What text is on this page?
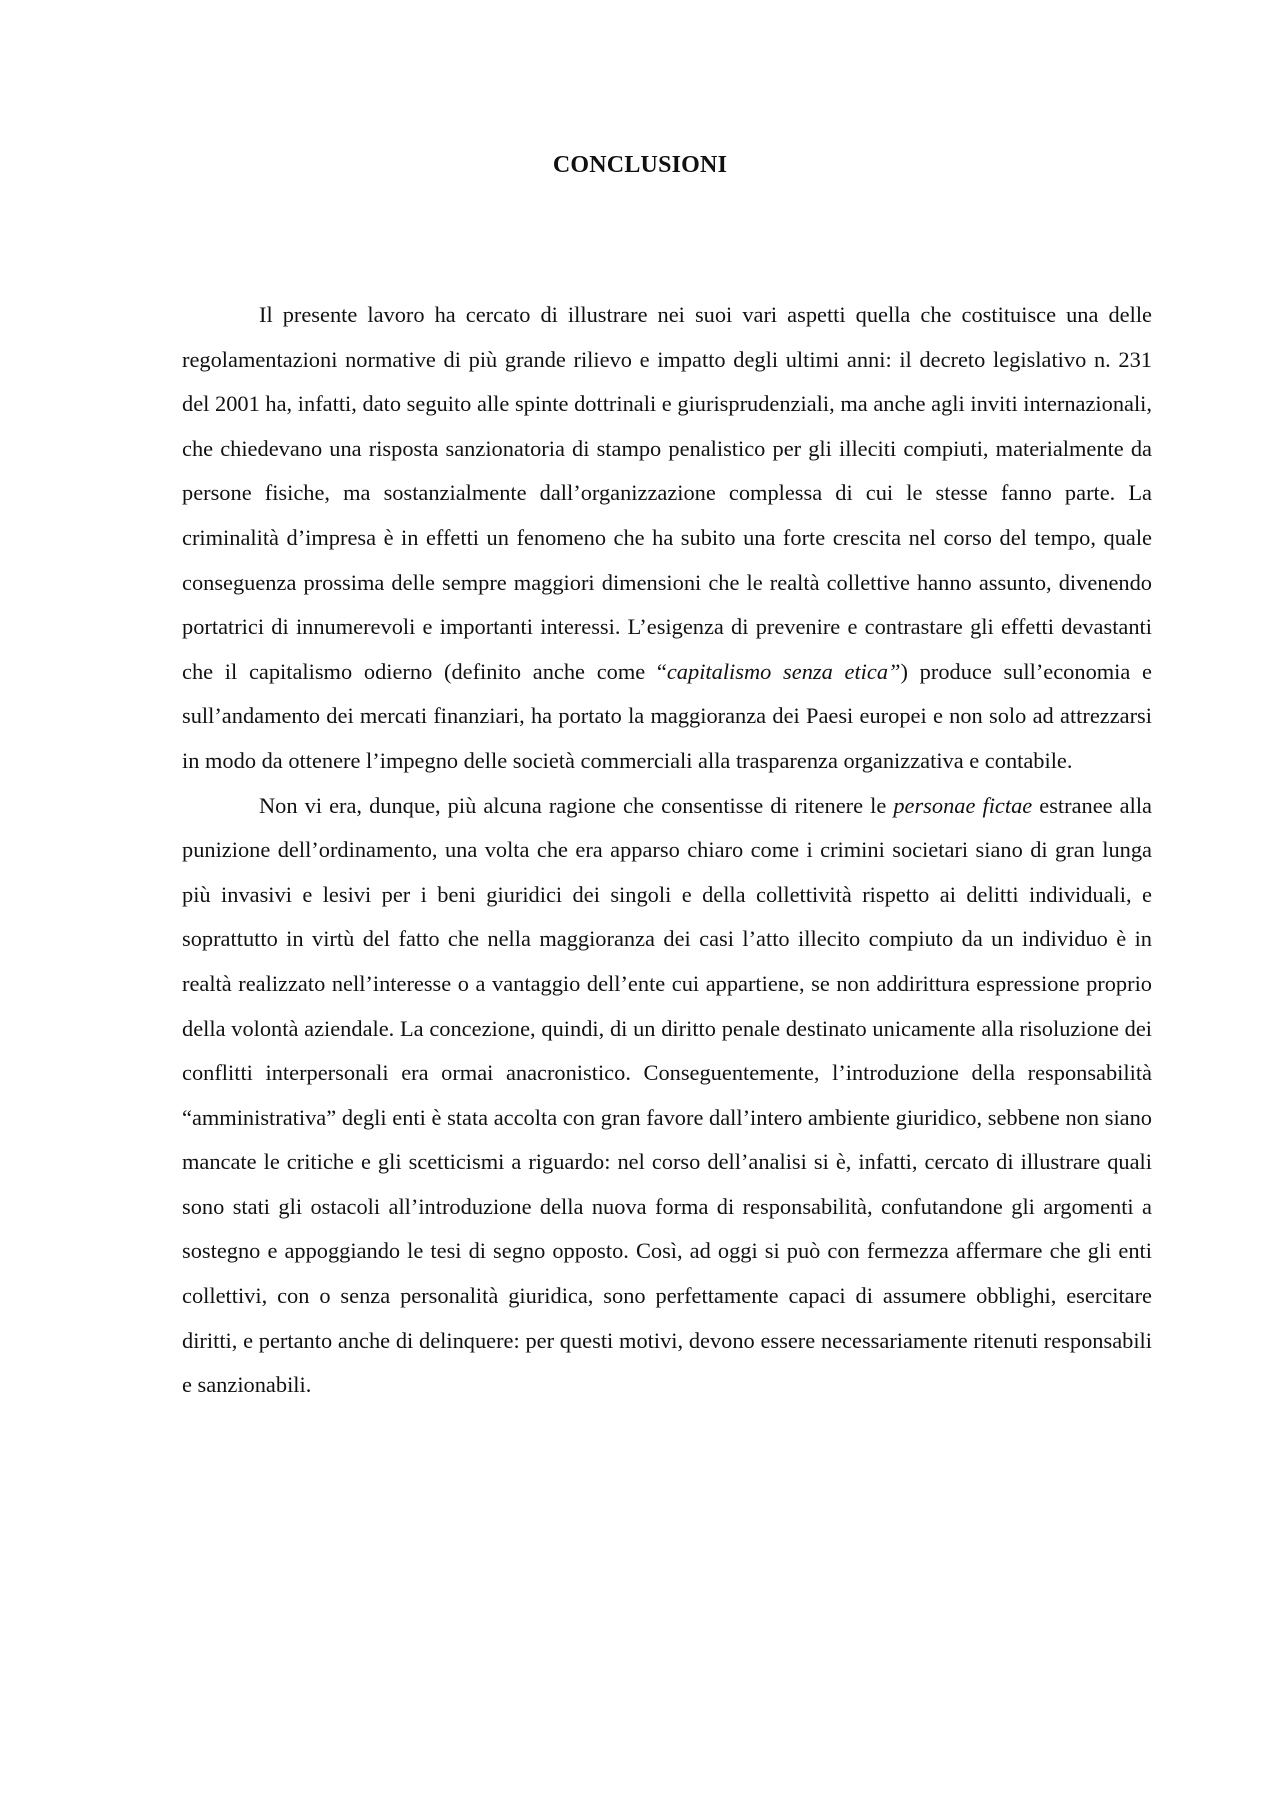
CONCLUSIONI

Il presente lavoro ha cercato di illustrare nei suoi vari aspetti quella che costituisce una delle regolamentazioni normative di più grande rilievo e impatto degli ultimi anni: il decreto legislativo n. 231 del 2001 ha, infatti, dato seguito alle spinte dottrinali e giurisprudenziali, ma anche agli inviti internazionali, che chiedevano una risposta sanzionatoria di stampo penalistico per gli illeciti compiuti, materialmente da persone fisiche, ma sostanzialmente dall’organizzazione complessa di cui le stesse fanno parte. La criminalità d’impresa è in effetti un fenomeno che ha subito una forte crescita nel corso del tempo, quale conseguenza prossima delle sempre maggiori dimensioni che le realtà collettive hanno assunto, divenendo portatrici di innumerevoli e importanti interessi. L’esigenza di prevenire e contrastare gli effetti devastanti che il capitalismo odierno (definito anche come “capitalismo senza etica”) produce sull’economia e sull’andamento dei mercati finanziari, ha portato la maggioranza dei Paesi europei e non solo ad attrezzarsi in modo da ottenere l’impegno delle società commerciali alla trasparenza organizzativa e contabile.

Non vi era, dunque, più alcuna ragione che consentisse di ritenere le personae fictae estranee alla punizione dell’ordinamento, una volta che era apparso chiaro come i crimini societari siano di gran lunga più invasivi e lesivi per i beni giuridici dei singoli e della collettività rispetto ai delitti individuali, e soprattutto in virtù del fatto che nella maggioranza dei casi l’atto illecito compiuto da un individuo è in realtà realizzato nell’interesse o a vantaggio dell’ente cui appartiene, se non addirittura espressione proprio della volontà aziendale. La concezione, quindi, di un diritto penale destinato unicamente alla risoluzione dei conflitti interpersonali era ormai anacronistico. Conseguentemente, l’introduzione della responsabilità “amministrativa” degli enti è stata accolta con gran favore dall’intero ambiente giuridico, sebbene non siano mancate le critiche e gli scetticismi a riguardo: nel corso dell’analisi si è, infatti, cercato di illustrare quali sono stati gli ostacoli all’introduzione della nuova forma di responsabilità, confutandone gli argomenti a sostegno e appoggiando le tesi di segno opposto. Così, ad oggi si può con fermezza affermare che gli enti collettivi, con o senza personalità giuridica, sono perfettamente capaci di assumere obblighi, esercitare diritti, e pertanto anche di delinquere: per questi motivi, devono essere necessariamente ritenuti responsabili e sanzionabili.
